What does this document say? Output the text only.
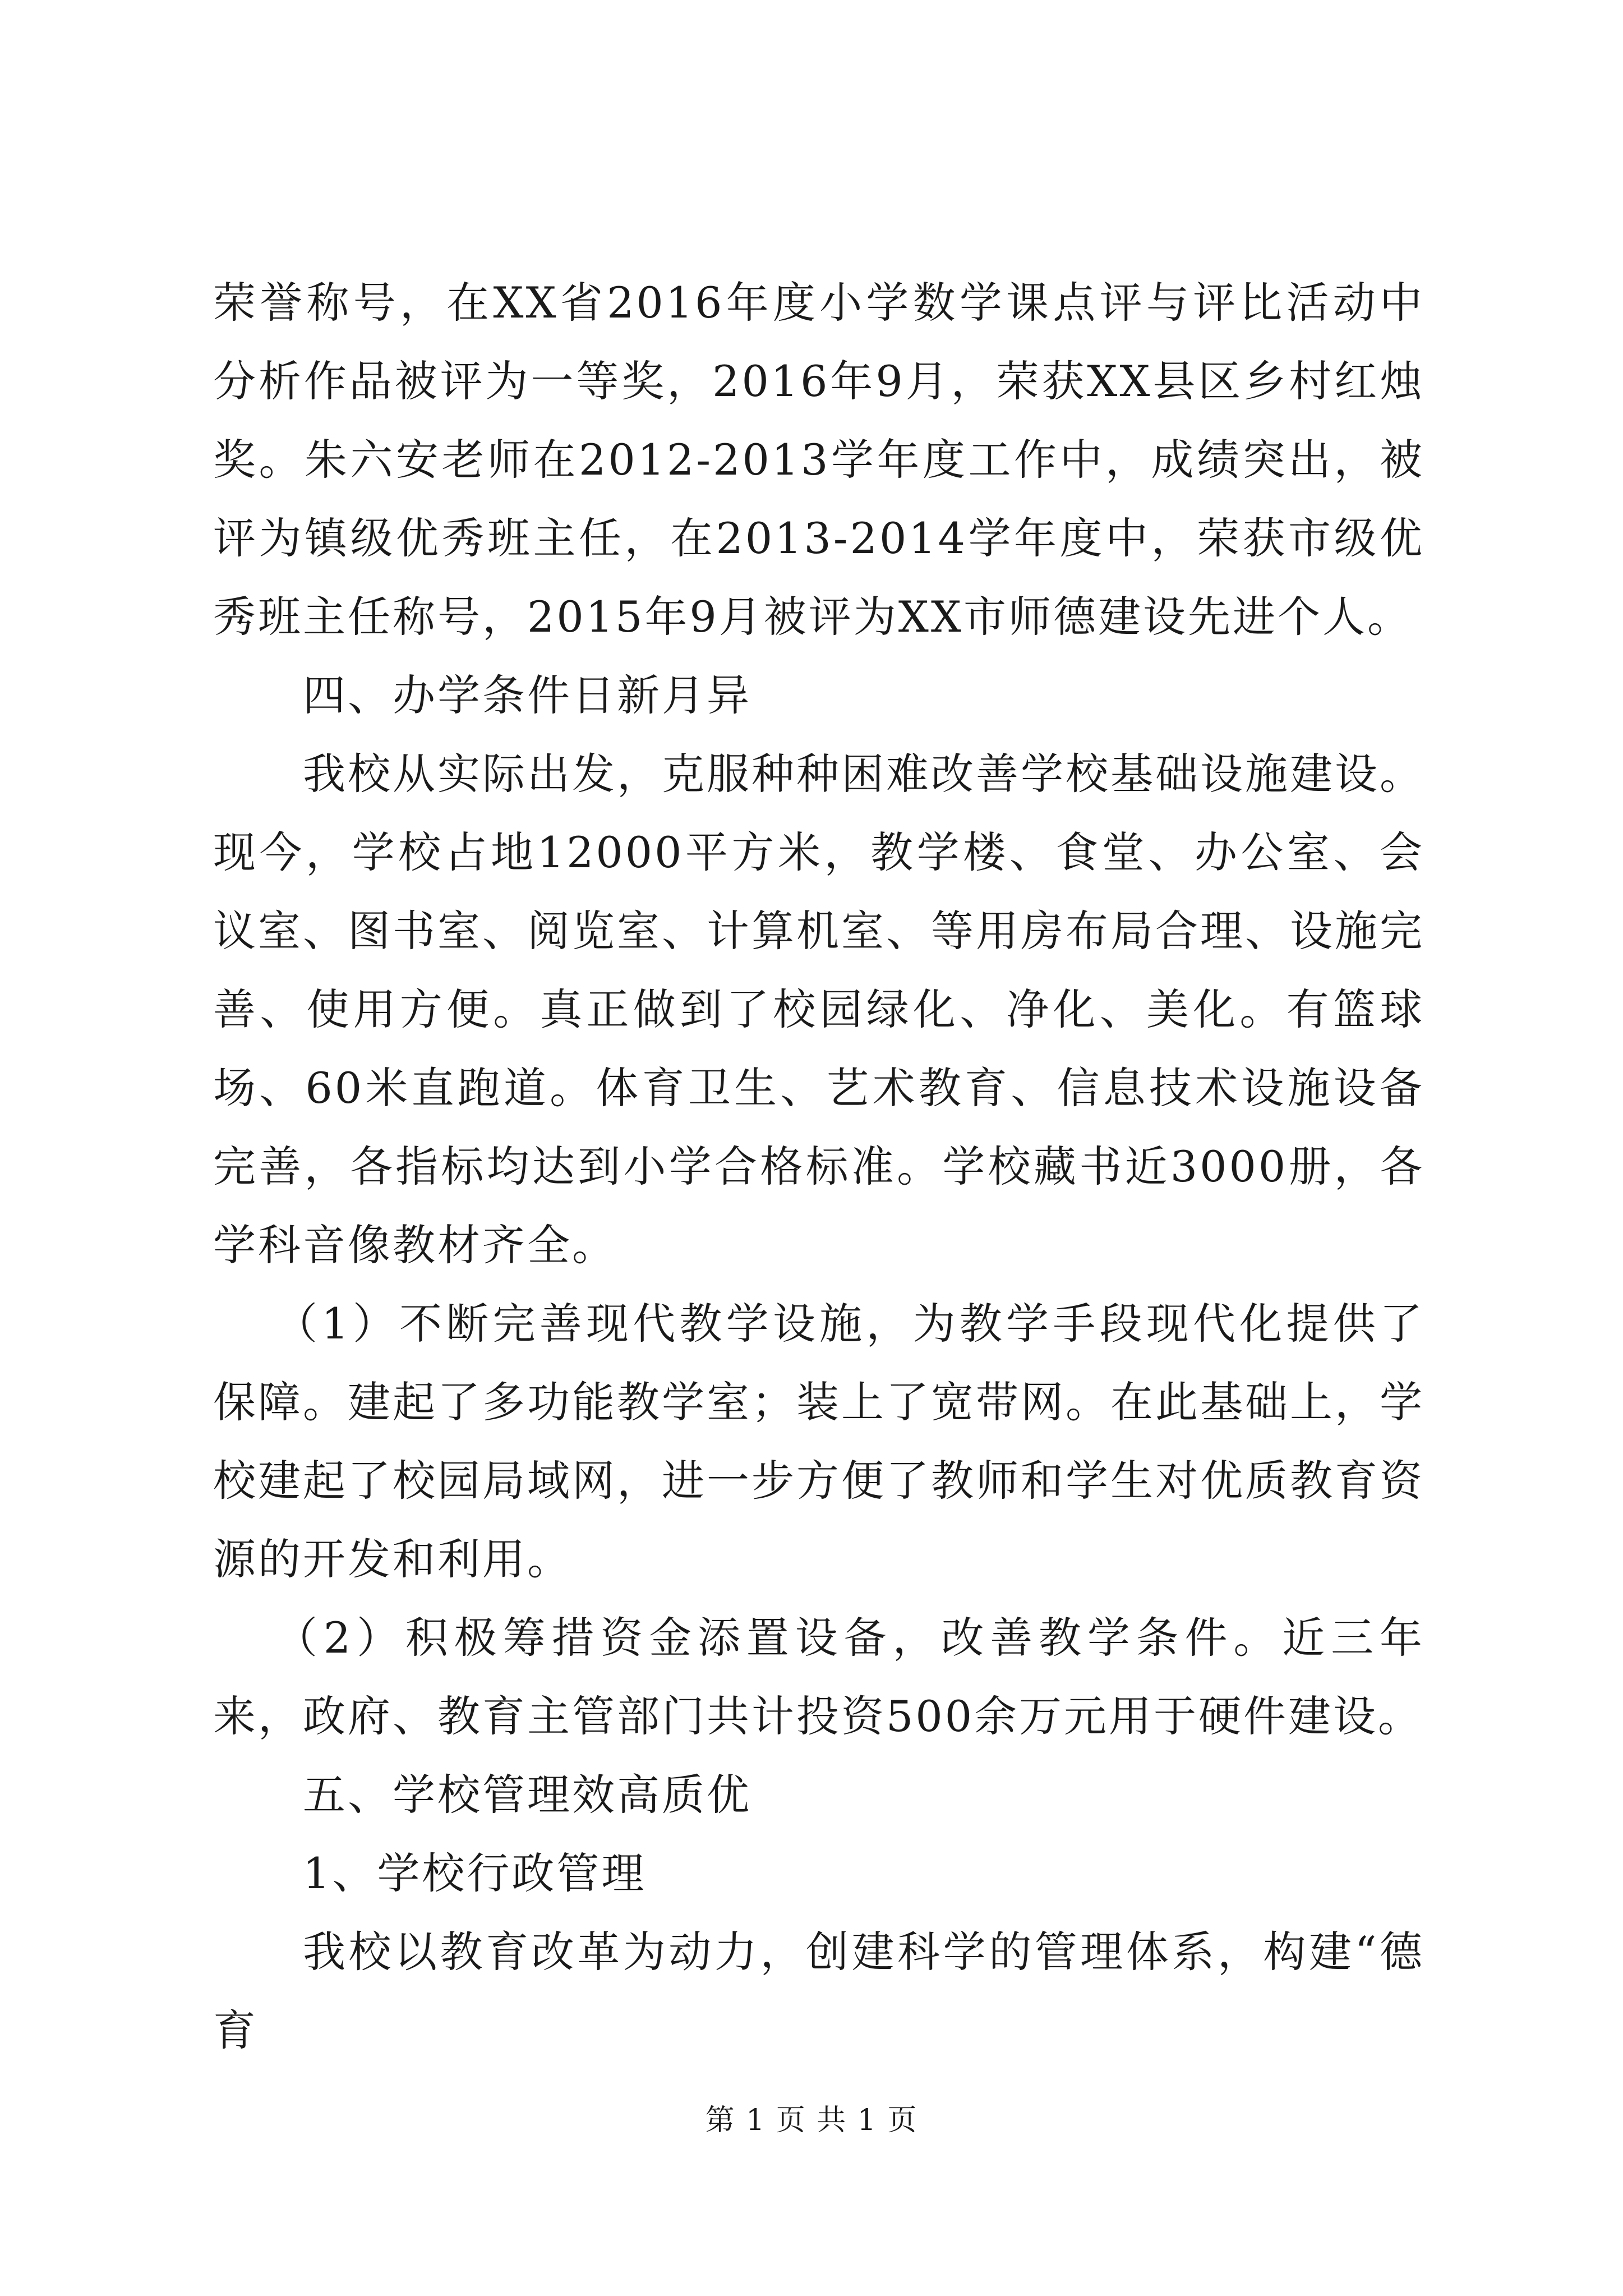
荣誉称号，在XX省2016年度小学数学课点评与评比活动中分析作品被评为一等奖，2016年9月，荣获XX县区乡村红烛奖。朱六安老师在2012-2013学年度工作中，成绩突出，被评为镇级优秀班主任，在2013-2014学年度中，荣获市级优秀班主任称号，2015年9月被评为XX市师德建设先进个人。

四、办学条件日新月异

我校从实际出发，克服种种困难改善学校基础设施建设。现今，学校占地12000平方米，教学楼、食堂、办公室、会议室、图书室、阅览室、计算机室、等用房布局合理、设施完善、使用方便。真正做到了校园绿化、净化、美化。有篮球场、60米直跑道。体育卫生、艺术教育、信息技术设施设备完善，各指标均达到小学合格标准。学校藏书近3000册，各学科音像教材齐全。

（1）不断完善现代教学设施，为教学手段现代化提供了保障。建起了多功能教学室；装上了宽带网。在此基础上，学校建起了校园局域网，进一步方便了教师和学生对优质教育资源的开发和利用。

（2）积极筹措资金添置设备，改善教学条件。近三年来，政府、教育主管部门共计投资500余万元用于硬件建设。

五、学校管理效高质优

1、学校行政管理

我校以教育改革为动力，创建科学的管理体系，构建“德育

第 1 页 共 1 页
